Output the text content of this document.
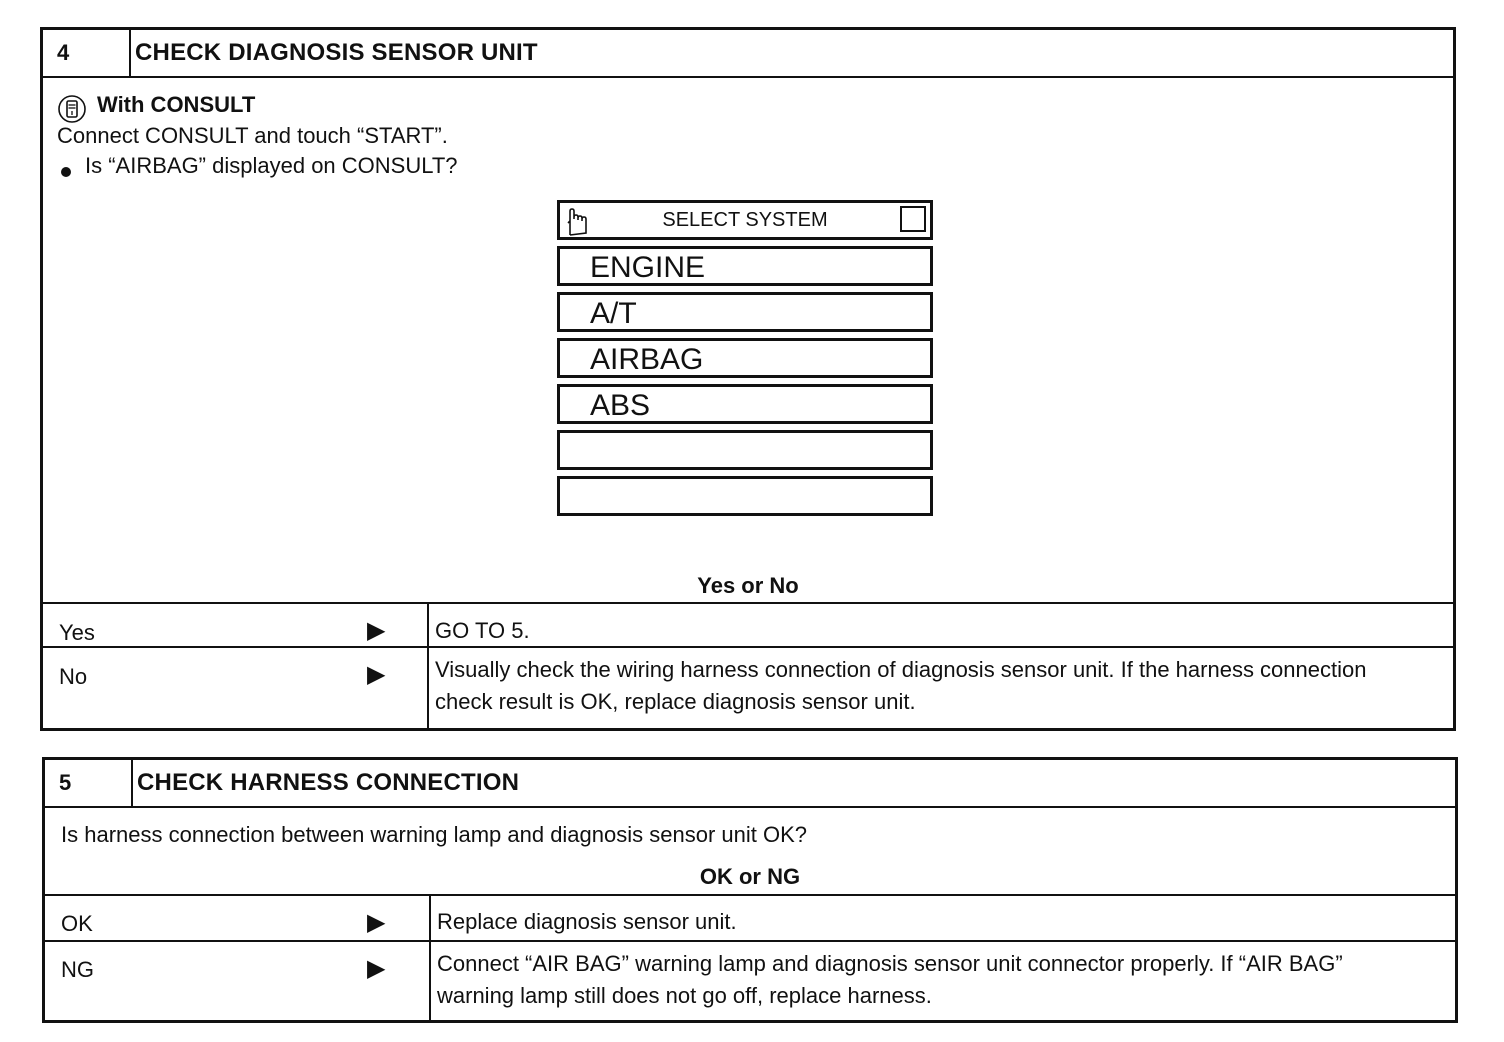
4	CHECK DIAGNOSIS SENSOR UNIT
With CONSULT
Connect CONSULT and touch “START”.
Is “AIRBAG” displayed on CONSULT?
SELECT SYSTEM
ENGINE
A/T
AIRBAG
ABS
Yes or No
Yes	▶ GO TO 5.
No	▶ Visually check the wiring harness connection of diagnosis sensor unit. If the harness connection check result is OK, replace diagnosis sensor unit.
5	CHECK HARNESS CONNECTION
Is harness connection between warning lamp and diagnosis sensor unit OK?
OK or NG
OK	▶ Replace diagnosis sensor unit.
NG	▶ Connect “AIR BAG” warning lamp and diagnosis sensor unit connector properly. If “AIR BAG” warning lamp still does not go off, replace harness.
